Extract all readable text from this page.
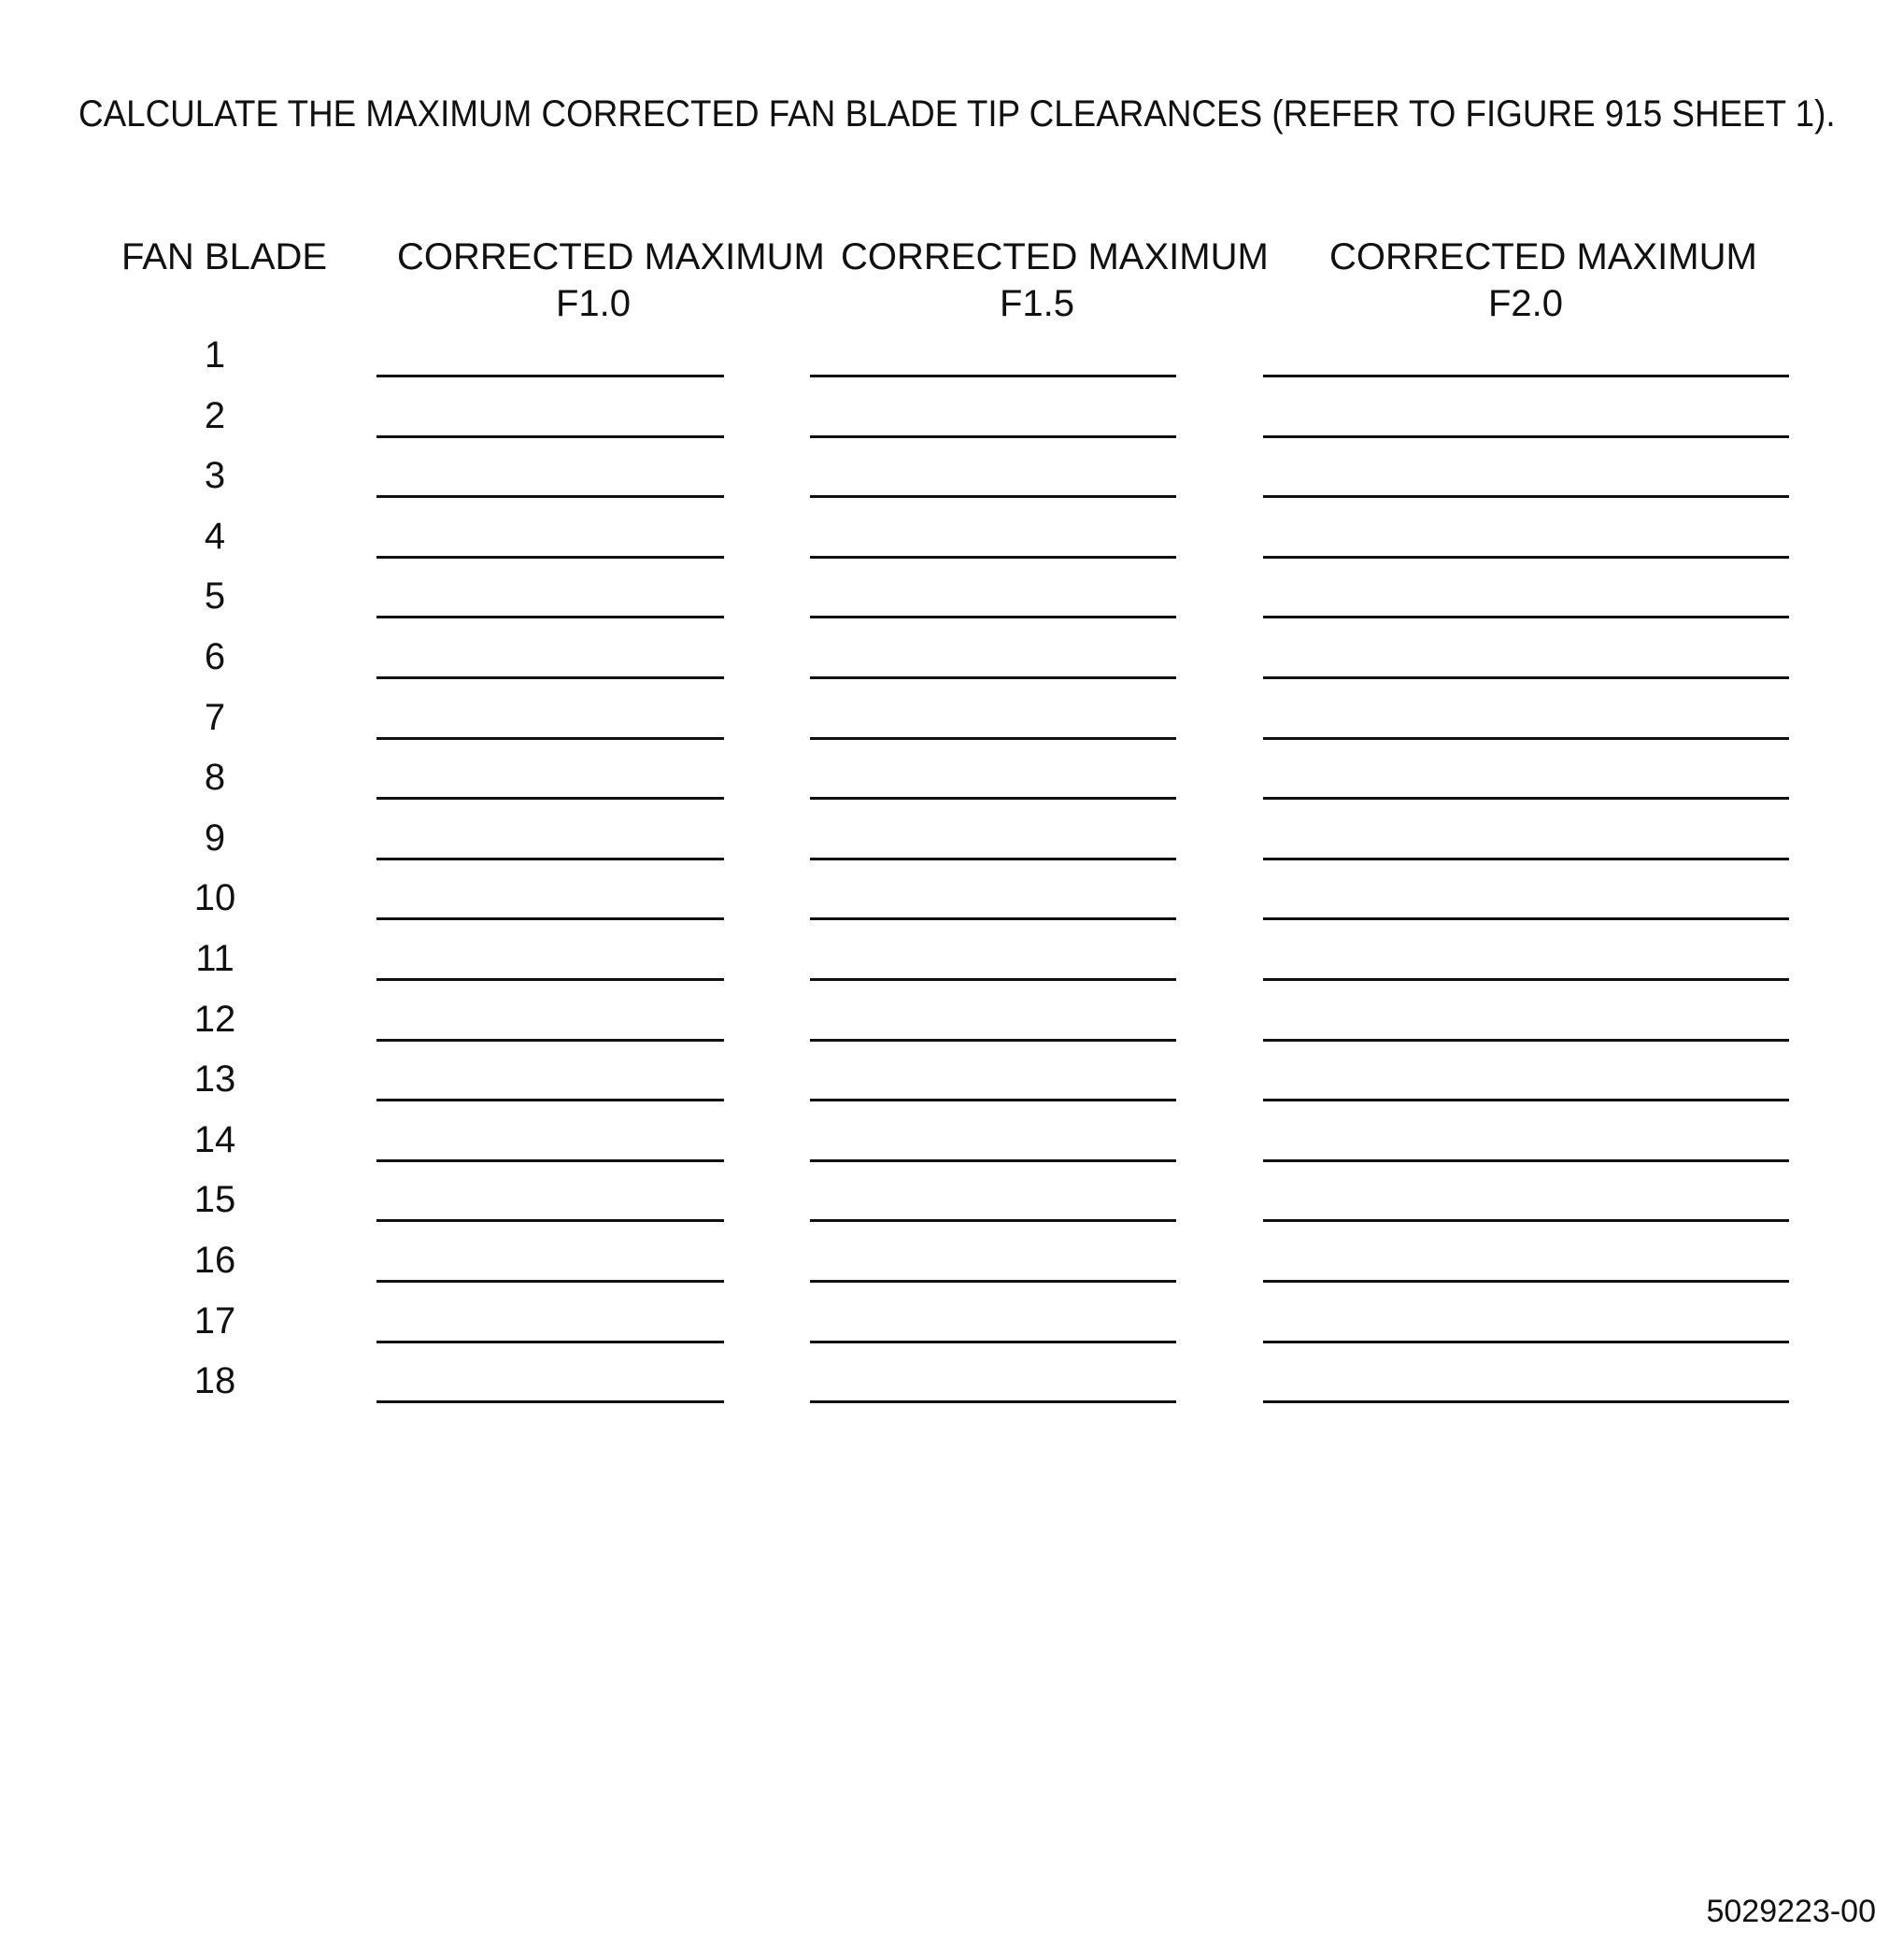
CALCULATE THE MAXIMUM CORRECTED FAN BLADE TIP CLEARANCES (REFER TO FIGURE 915 SHEET 1).
FAN BLADE CORRECTED MAXIMUM
F1.0
CORRECTED MAXIMUM
F1.5
CORRECTED MAXIMUM
F2.0
1
2
3
4
5
6
7
8
9
10
11
12
13
14
15
16
17
18
5029223-00
